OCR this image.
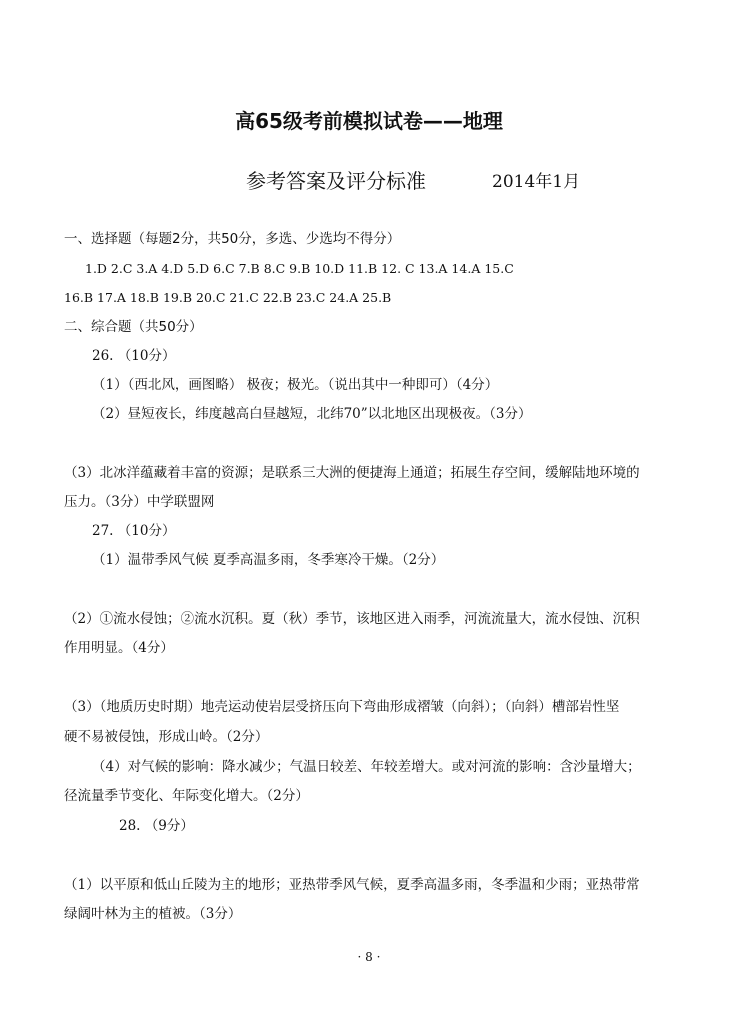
高65级考前模拟试卷——地理
参考答案及评分标准	2014年1月
一、选择题（每题2分，共50分，多选、少选均不得分）
1.D 2.C 3.A 4.D 5.D 6.C 7.B 8.C 9.B 10.D 11.B 12. C 13.A 14.A 15.C
16.B 17.A 18.B 19.B 20.C 21.C 22.B 23.C 24.A 25.B
二、综合题（共50分）
26. （10分）
（1）（西北风，画图略） 极夜；极光。（说出其中一种即可）（4分）
（2）昼短夜长，纬度越高白昼越短，北纬70”以北地区出现极夜。（3分）
（3）北冰洋蕴藏着丰富的资源；是联系三大洲的便捷海上通道；拓展生存空间，缓解陆地环境的
压力。（3分）中学联盟网
27. （10分）
（1）温带季风气候 夏季高温多雨，冬季寒冷干燥。（2分）
（2）①流水侵蚀；②流水沉积。夏（秋）季节，该地区进入雨季，河流流量大，流水侵蚀、沉积
作用明显。（4分）
（3）（地质历史时期）地壳运动使岩层受挤压向下弯曲形成褶皱（向斜）；（向斜）槽部岩性坚
硬不易被侵蚀，形成山岭。（2分）
（4）对气候的影响：降水减少；气温日较差、年较差增大。或对河流的影响：含沙量增大；
径流量季节变化、年际变化增大。（2分）
28. （9分）
（1）以平原和低山丘陵为主的地形；亚热带季风气候，夏季高温多雨，冬季温和少雨；亚热带常
绿阔叶林为主的植被。（3分）
· 8 ·
